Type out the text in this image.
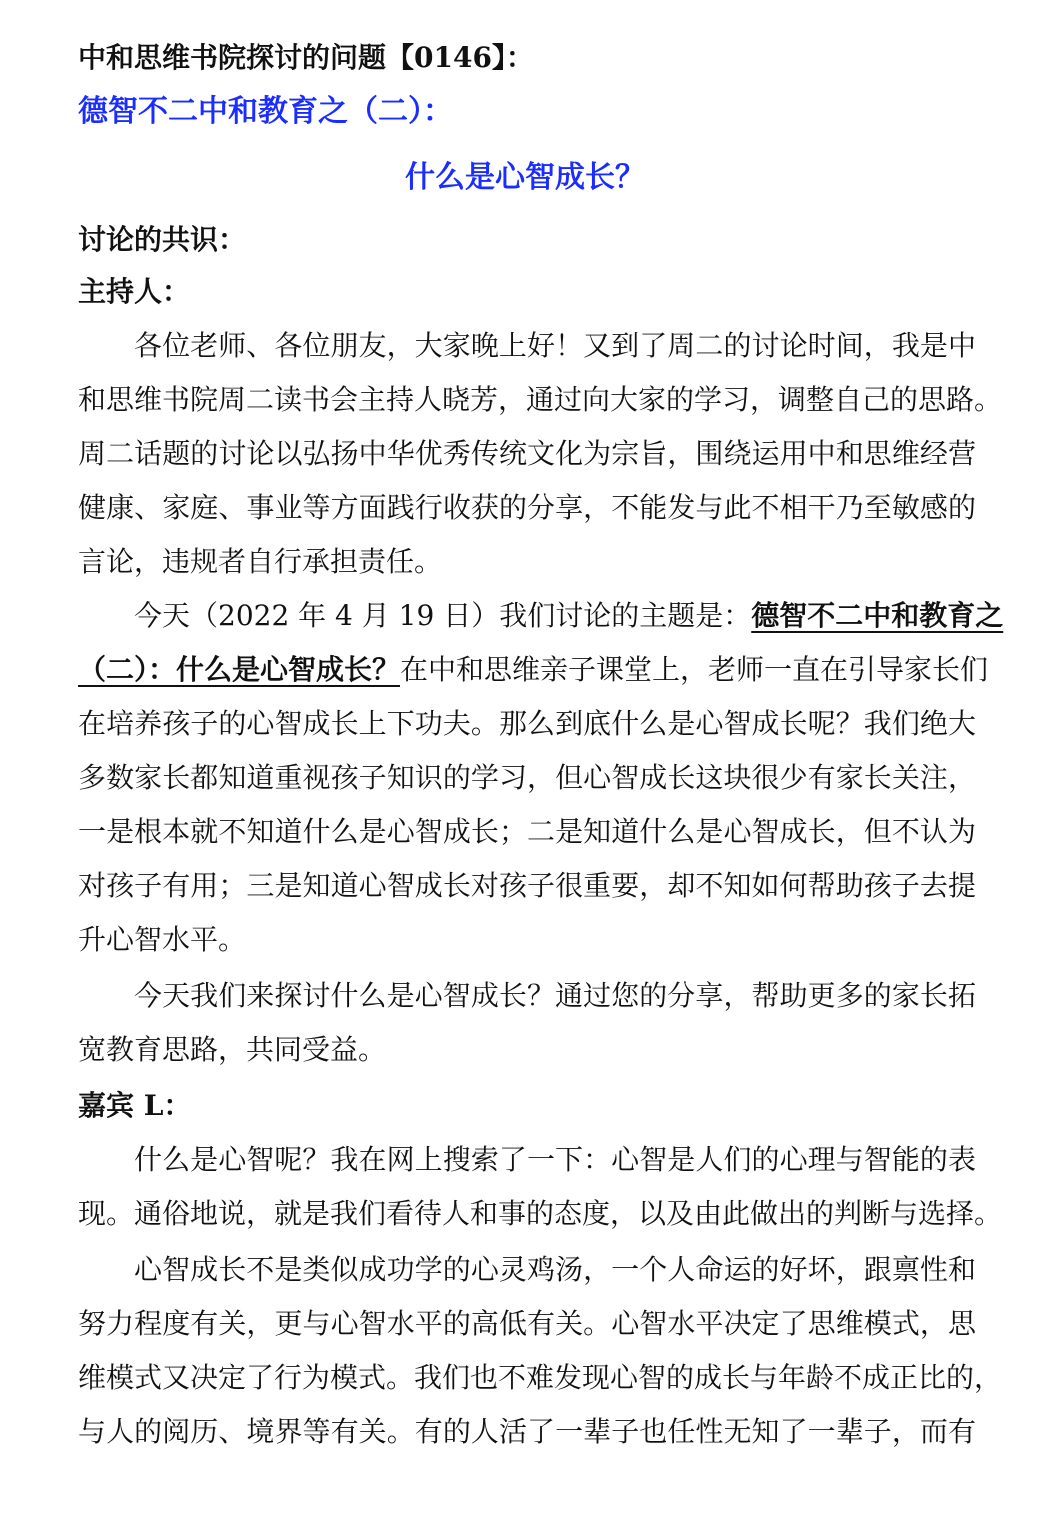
中和思维书院探讨的问题【0146】：
德智不二中和教育之（二）：
什么是心智成长？
讨论的共识：
主持人：
各位老师、各位朋友，大家晚上好！又到了周二的讨论时间，我是中
和思维书院周二读书会主持人晓芳，通过向大家的学习，调整自己的思路。
周二话题的讨论以弘扬中华优秀传统文化为宗旨，围绕运用中和思维经营
健康、家庭、事业等方面践行收获的分享，不能发与此不相干乃至敏感的
言论，违规者自行承担责任。
今天（2022 年 4 月 19 日）我们讨论的主题是：德智不二中和教育之
（二）：什么是心智成长？在中和思维亲子课堂上，老师一直在引导家长们
在培养孩子的心智成长上下功夫。那么到底什么是心智成长呢？我们绝大
多数家长都知道重视孩子知识的学习，但心智成长这块很少有家长关注，
一是根本就不知道什么是心智成长；二是知道什么是心智成长，但不认为
对孩子有用；三是知道心智成长对孩子很重要，却不知如何帮助孩子去提
升心智水平。
今天我们来探讨什么是心智成长？通过您的分享，帮助更多的家长拓
宽教育思路，共同受益。
嘉宾 L：
什么是心智呢？我在网上搜索了一下：心智是人们的心理与智能的表
现。通俗地说，就是我们看待人和事的态度，以及由此做出的判断与选择。
心智成长不是类似成功学的心灵鸡汤，一个人命运的好坏，跟禀性和
努力程度有关，更与心智水平的高低有关。心智水平决定了思维模式，思
维模式又决定了行为模式。我们也不难发现心智的成长与年龄不成正比的，
与人的阅历、境界等有关。有的人活了一辈子也任性无知了一辈子，而有
